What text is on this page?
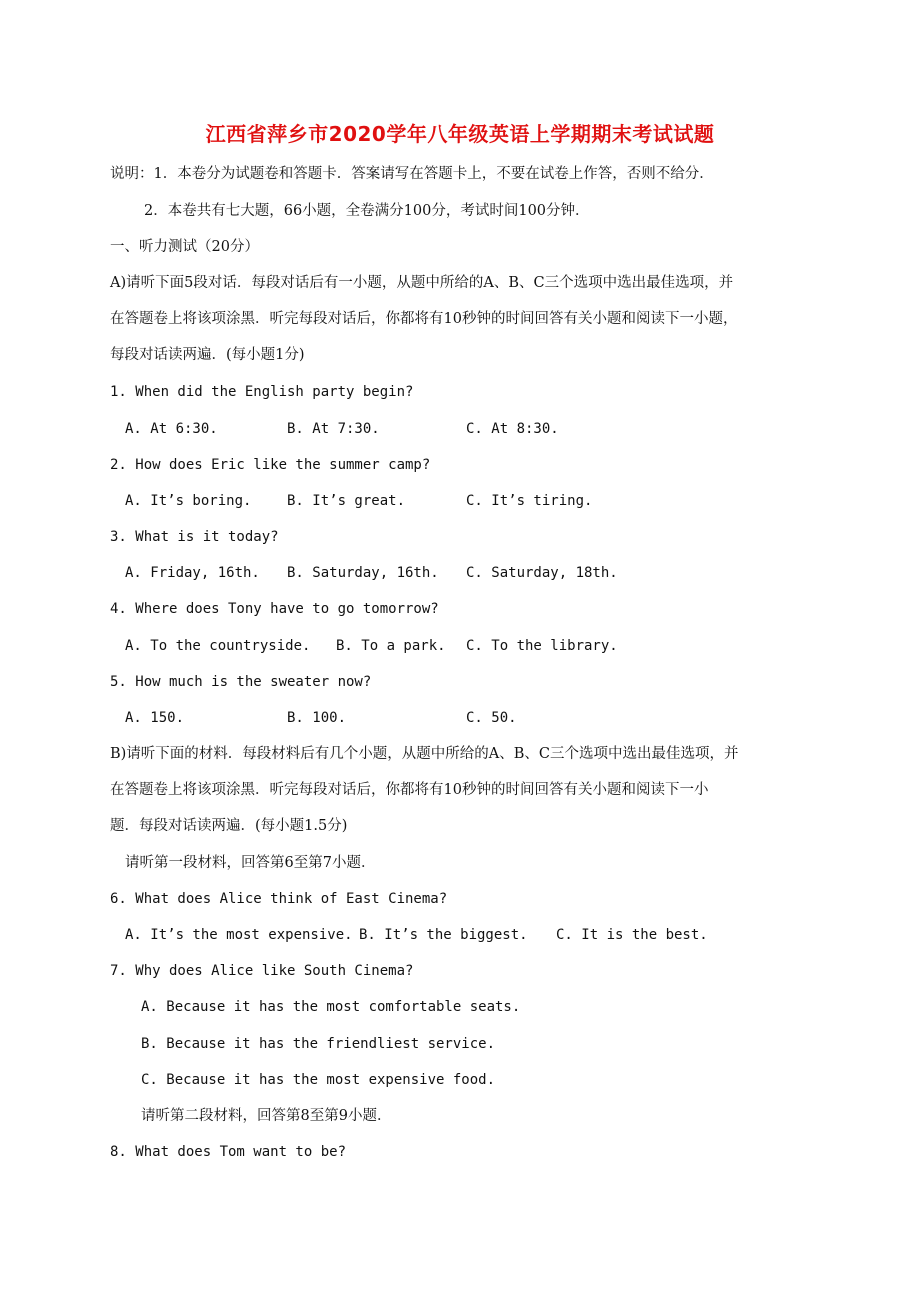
江西省萍乡市2020学年八年级英语上学期期末考试试题
说明：1．本卷分为试题卷和答题卡．答案请写在答题卡上，不要在试卷上作答，否则不给分．
2．本卷共有七大题，66小题，全卷满分100分，考试时间100分钟．
一、听力测试（20分）
A)请听下面5段对话．每段对话后有一小题，从题中所给的A、B、C三个选项中选出最佳选项，并
在答题卷上将该项涂黑．听完每段对话后，你都将有10秒钟的时间回答有关小题和阅读下一小题，
每段对话读两遍．(每小题1分)
1. When did the English party begin?
A. At 6:30.	B. At 7:30.	C. At 8:30.
2. How does Eric like the summer camp?
A. It’s boring.	B. It’s great.	C. It’s tiring.
3. What is it today?
A. Friday, 16th. B. Saturday, 16th. C. Saturday, 18th.
4. Where does Tony have to go tomorrow?
A. To the countryside. B. To a park. C. To the library.
5. How much is the sweater now?
A. 150.	B. 100.	C. 50.
B)请听下面的材料．每段材料后有几个小题，从题中所给的A、B、C三个选项中选出最佳选项，并
在答题卷上将该项涂黑．听完每段对话后，你都将有10秒钟的时间回答有关小题和阅读下一小
题．每段对话读两遍．(每小题1.5分)
请听第一段材料，回答第6至第7小题．
6. What does Alice think of East Cinema?
A. It’s the most expensive. B. It’s the biggest. C. It is the best.
7. Why does Alice like South Cinema?
A. Because it has the most comfortable seats.
B. Because it has the friendliest service.
C. Because it has the most expensive food.
请听第二段材料，回答第8至第9小题．
8. What does Tom want to be?
